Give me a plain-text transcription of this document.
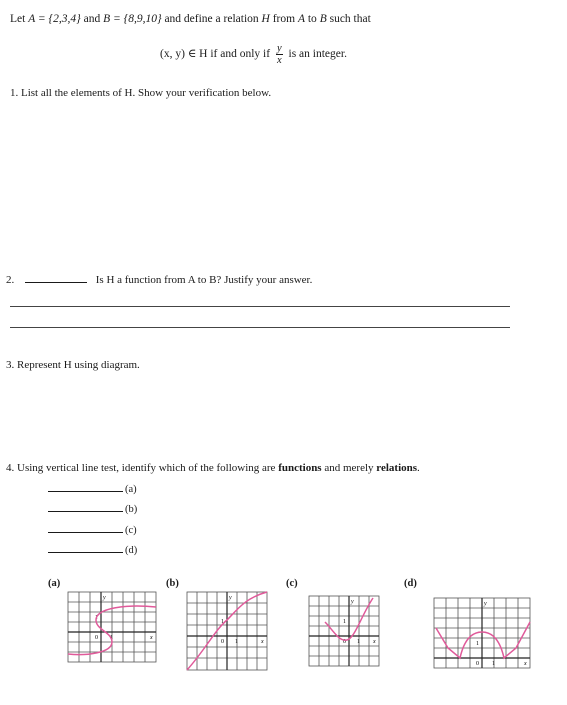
Let A = {2,3,4} and B = {8,9,10} and define a relation H from A to B such that
(x, y) ∈ H if and only if $\frac{y}{x}$ is an integer.
1. List all the elements of H. Show your verification below.
2.	Is H a function from A to B? Justify your answer.
3. Represent H using diagram.
4. Using vertical line test, identify which of the following are functions and merely relations.
(a)
(b)
(c)
(d)
(a)	(b)	(c)	(d)
y
1
0 1	x
y
1
0 1	x
y
1
0 1 x
y
1
0 1	x
